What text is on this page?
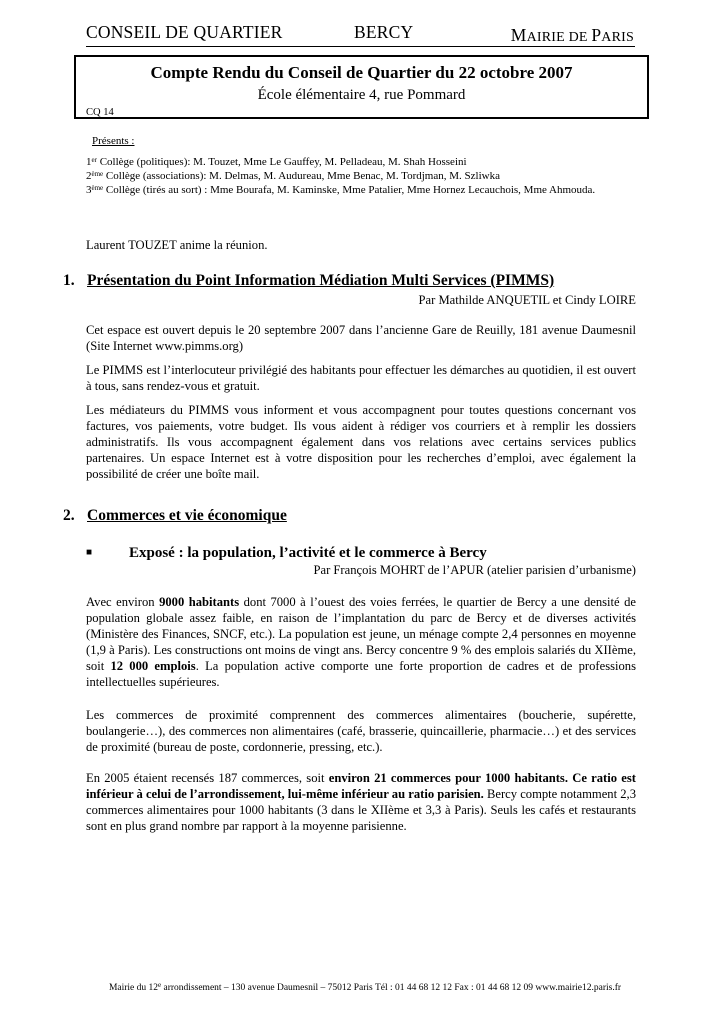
CONSEIL DE QUARTIER	BERCY	MAIRIE DE PARIS
Compte Rendu du Conseil de Quartier du 22 octobre 2007
École élémentaire 4, rue Pommard
CQ 14
Présents :
1er Collège (politiques): M. Touzet, Mme Le Gauffey, M. Pelladeau, M. Shah Hosseini
2ème Collège (associations): M. Delmas, M. Audureau, Mme Benac, M. Tordjman, M. Szliwka
3ème Collège (tirés au sort) : Mme Bourafa, M. Kaminske, Mme Patalier, Mme Hornez Lecauchois, Mme Ahmouda.
Laurent TOUZET anime la réunion.
1. Présentation du Point Information Médiation Multi Services (PIMMS)
Par Mathilde ANQUETIL et Cindy LOIRE
Cet espace est ouvert depuis le 20 septembre 2007 dans l’ancienne Gare de Reuilly, 181 avenue Daumesnil (Site Internet www.pimms.org)
Le PIMMS est l’interlocuteur privilégié des habitants pour effectuer les démarches au quotidien, il est ouvert à tous, sans rendez-vous et gratuit.
Les médiateurs du PIMMS vous informent et vous accompagnent pour toutes questions concernant vos factures, vos paiements, votre budget. Ils vous aident à rédiger vos courriers et à remplir les dossiers administratifs. Ils vous accompagnent également dans vos relations avec certains services publics partenaires. Un espace Internet est à votre disposition pour les recherches d’emploi, avec également la possibilité de créer une boîte mail.
2. Commerces et vie économique
■ Exposé : la population, l’activité et le commerce à Bercy
Par François MOHRT de l’APUR (atelier parisien d’urbanisme)
Avec environ 9000 habitants dont 7000 à l’ouest des voies ferrées, le quartier de Bercy a une densité de population globale assez faible, en raison de l’implantation du parc de Bercy et de diverses activités (Ministère des Finances, SNCF, etc.). La population est jeune, un ménage compte 2,4 personnes en moyenne (1,9 à Paris). Les constructions ont moins de vingt ans. Bercy concentre 9 % des emplois salariés du XIIème, soit 12 000 emplois. La population active comporte une forte proportion de cadres et de professions intellectuelles supérieures.
Les commerces de proximité comprennent des commerces alimentaires (boucherie, supérette, boulangerie…), des commerces non alimentaires (café, brasserie, quincaillerie, pharmacie…) et des services de proximité (bureau de poste, cordonnerie, pressing, etc.).
En 2005 étaient recensés 187 commerces, soit environ 21 commerces pour 1000 habitants. Ce ratio est inférieur à celui de l’arrondissement, lui-même inférieur au ratio parisien. Bercy compte notamment 2,3 commerces alimentaires pour 1000 habitants (3 dans le XIIème et 3,3 à Paris). Seuls les cafés et restaurants sont en plus grand nombre par rapport à la moyenne parisienne.
Mairie du 12e arrondissement – 130 avenue Daumesnil – 75012 Paris Tél : 01 44 68 12 12 Fax : 01 44 68 12 09 www.mairie12.paris.fr
